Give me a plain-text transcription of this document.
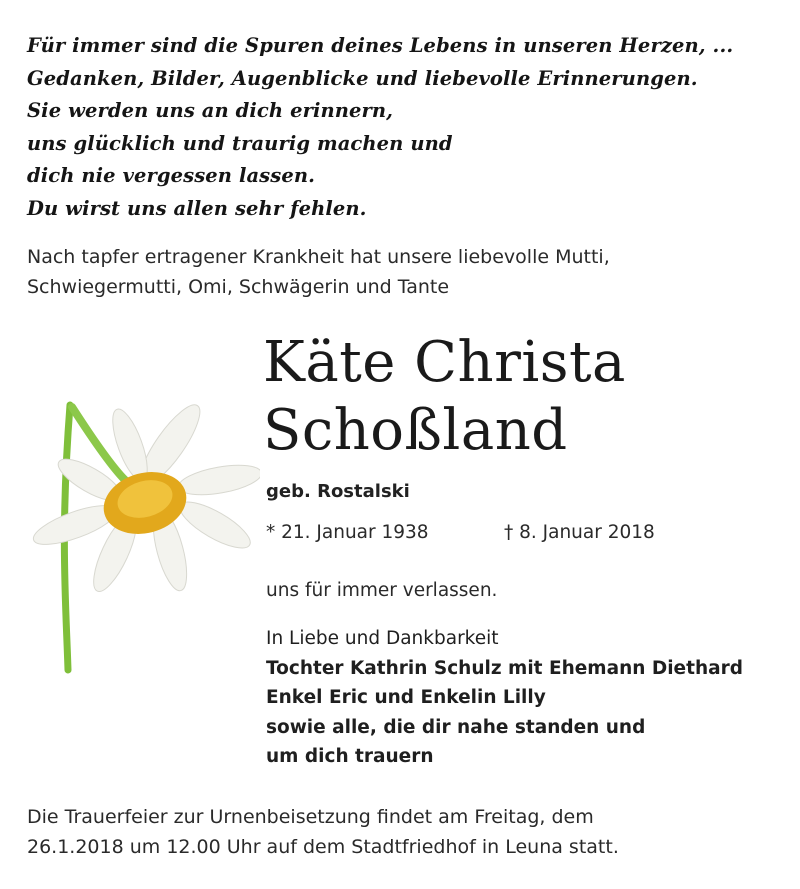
Für immer sind die Spuren deines Lebens in unseren Herzen, ...
Gedanken, Bilder, Augenblicke und liebevolle Erinnerungen.
Sie werden uns an dich erinnern,
uns glücklich und traurig machen und
dich nie vergessen lassen.
Du wirst uns allen sehr fehlen.
Nach tapfer ertragener Krankheit hat unsere liebevolle Mutti,
Schwiegermutti, Omi, Schwägerin und Tante
Käte Christa
Schoßland
geb. Rostalski
* 21. Januar 1938	† 8. Januar 2018
uns für immer verlassen.
In Liebe und Dankbarkeit
Tochter Kathrin Schulz mit Ehemann Diethard
Enkel Eric und Enkelin Lilly
sowie alle, die dir nahe standen und
um dich trauern
Die Trauerfeier zur Urnenbeisetzung findet am Freitag, dem
26.1.2018 um 12.00 Uhr auf dem Stadtfriedhof in Leuna statt.
